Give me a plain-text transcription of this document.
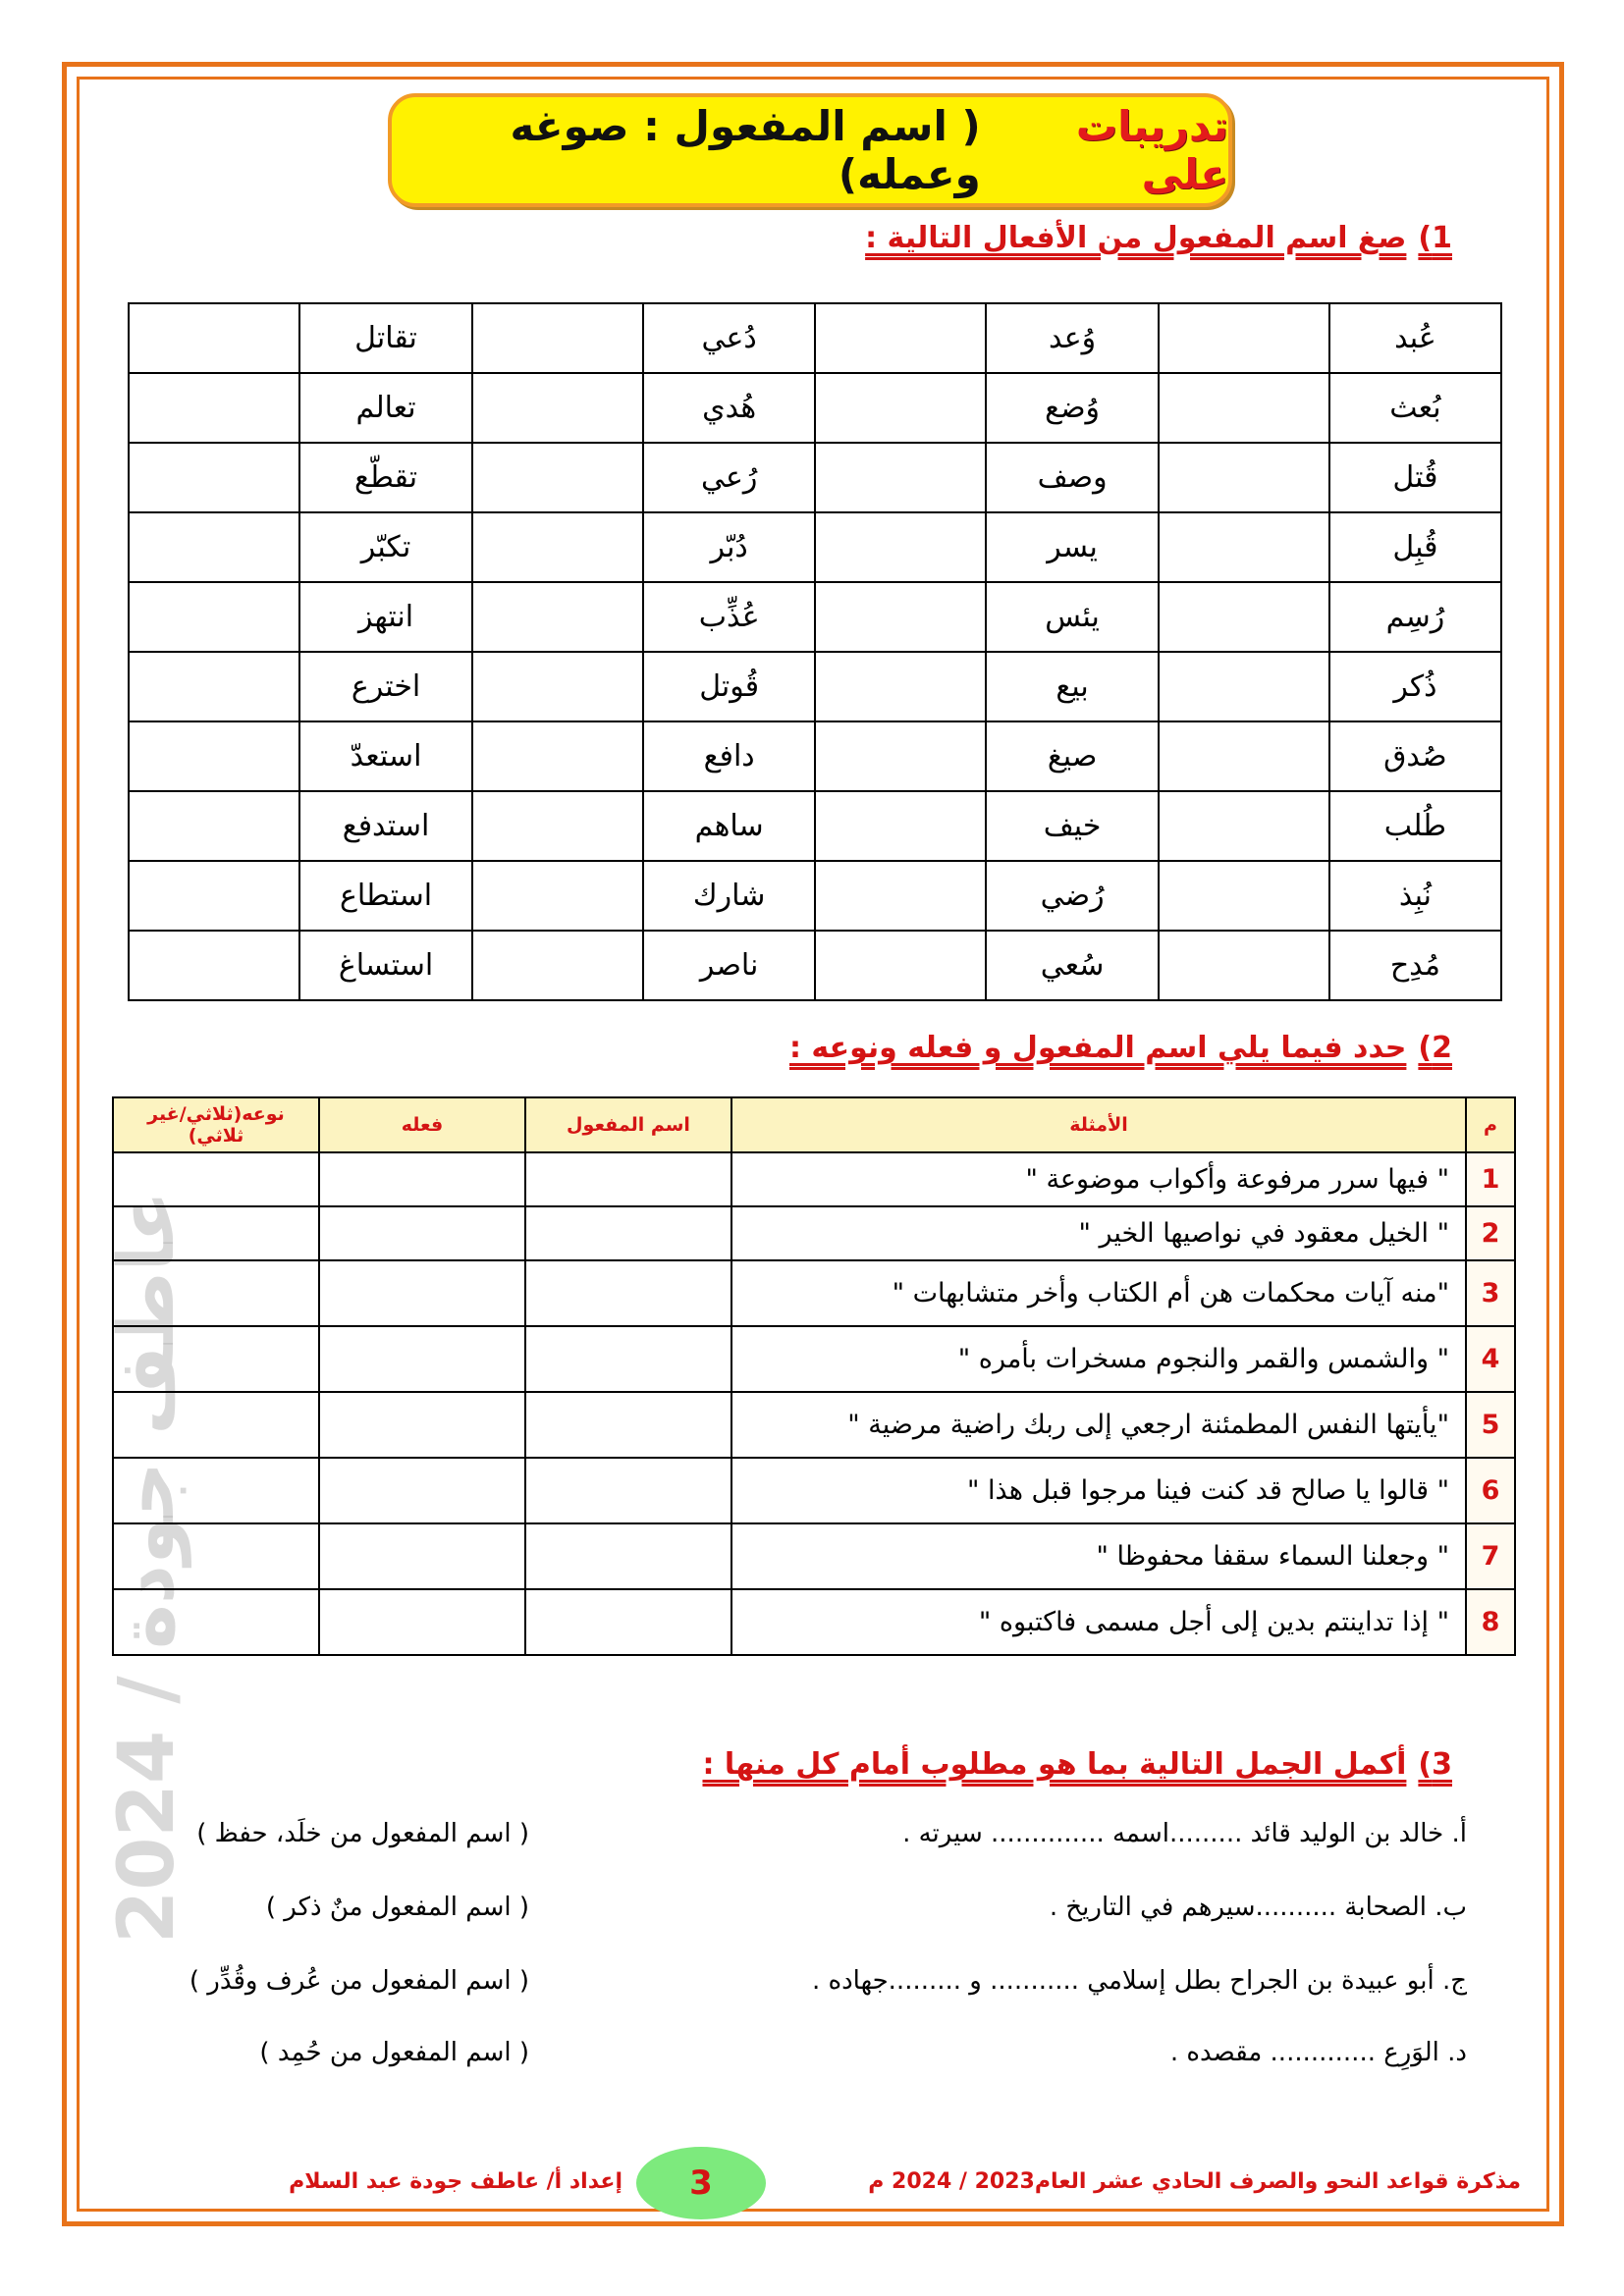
2024 / عاطف جودة
تدريبات على
( اسم المفعول : صوغه وعمله)
1)صغ اسم المفعول من الأفعال التالية :
عُبد		وُعد		دُعي		تقاتل	
بُعث		وُضع		هُدي		تعالم	
قُتل		وصف		رُعي		تقطّع	
قُبِل		يسر		دُبّر		تكبّر	
رُسِم		يئس		عُذِّب		انتهز	
ذُكر		بيع		قُوتل		اخترع	
صُدق		صيغ		دافع		استعدّ	
طُلب		خيف		ساهم		استدفع	
نُبِذ		رُضي		شارك		استطاع	
مُدِح		سُعي		ناصر		استساغ	
2)حدد فيما يلي اسم المفعول و فعله ونوعه :
م	الأمثلة	اسم المفعول	فعله	نوعه(ثلاثي/غير ثلاثي)
1	" فيها سرر مرفوعة وأكواب موضوعة "			
2	" الخيل معقود في نواصيها الخير "			
3	"منه آيات محكمات هن أم الكتاب وأخر متشابهات "			
4	" والشمس والقمر والنجوم مسخرات بأمره "			
5	"يأيتها النفس المطمئنة ارجعي إلى ربك راضية مرضية "			
6	" قالوا يا صالح قد كنت فينا مرجوا قبل هذا "			
7	" وجعلنا السماء سقفا محفوظا "			
8	" إذا تداينتم بدين إلى أجل مسمى فاكتبوه "			
3)أكمل الجمل التالية بما هو مطلوب أمام كل منها :
أ. خالد بن الوليد قائد .........اسمه .............. سيرته .
( اسم المفعول من خلَد، حفظ )
ب. الصحابة ..........سيرهم في التاريخ .
( اسم المفعول منٌ ذكر )
ج. أبو عبيدة بن الجراح بطل إسلامي ........... و .........جهاده .
( اسم المفعول من عُرف وقُدِّر )
د. الوَرِع ............. مقصده .
( اسم المفعول من حُمِد )
مذكرة قواعد النحو والصرف الحادي عشر العام2023 / 2024 م
3
إعداد أ/ عاطف جودة عبد السلام
